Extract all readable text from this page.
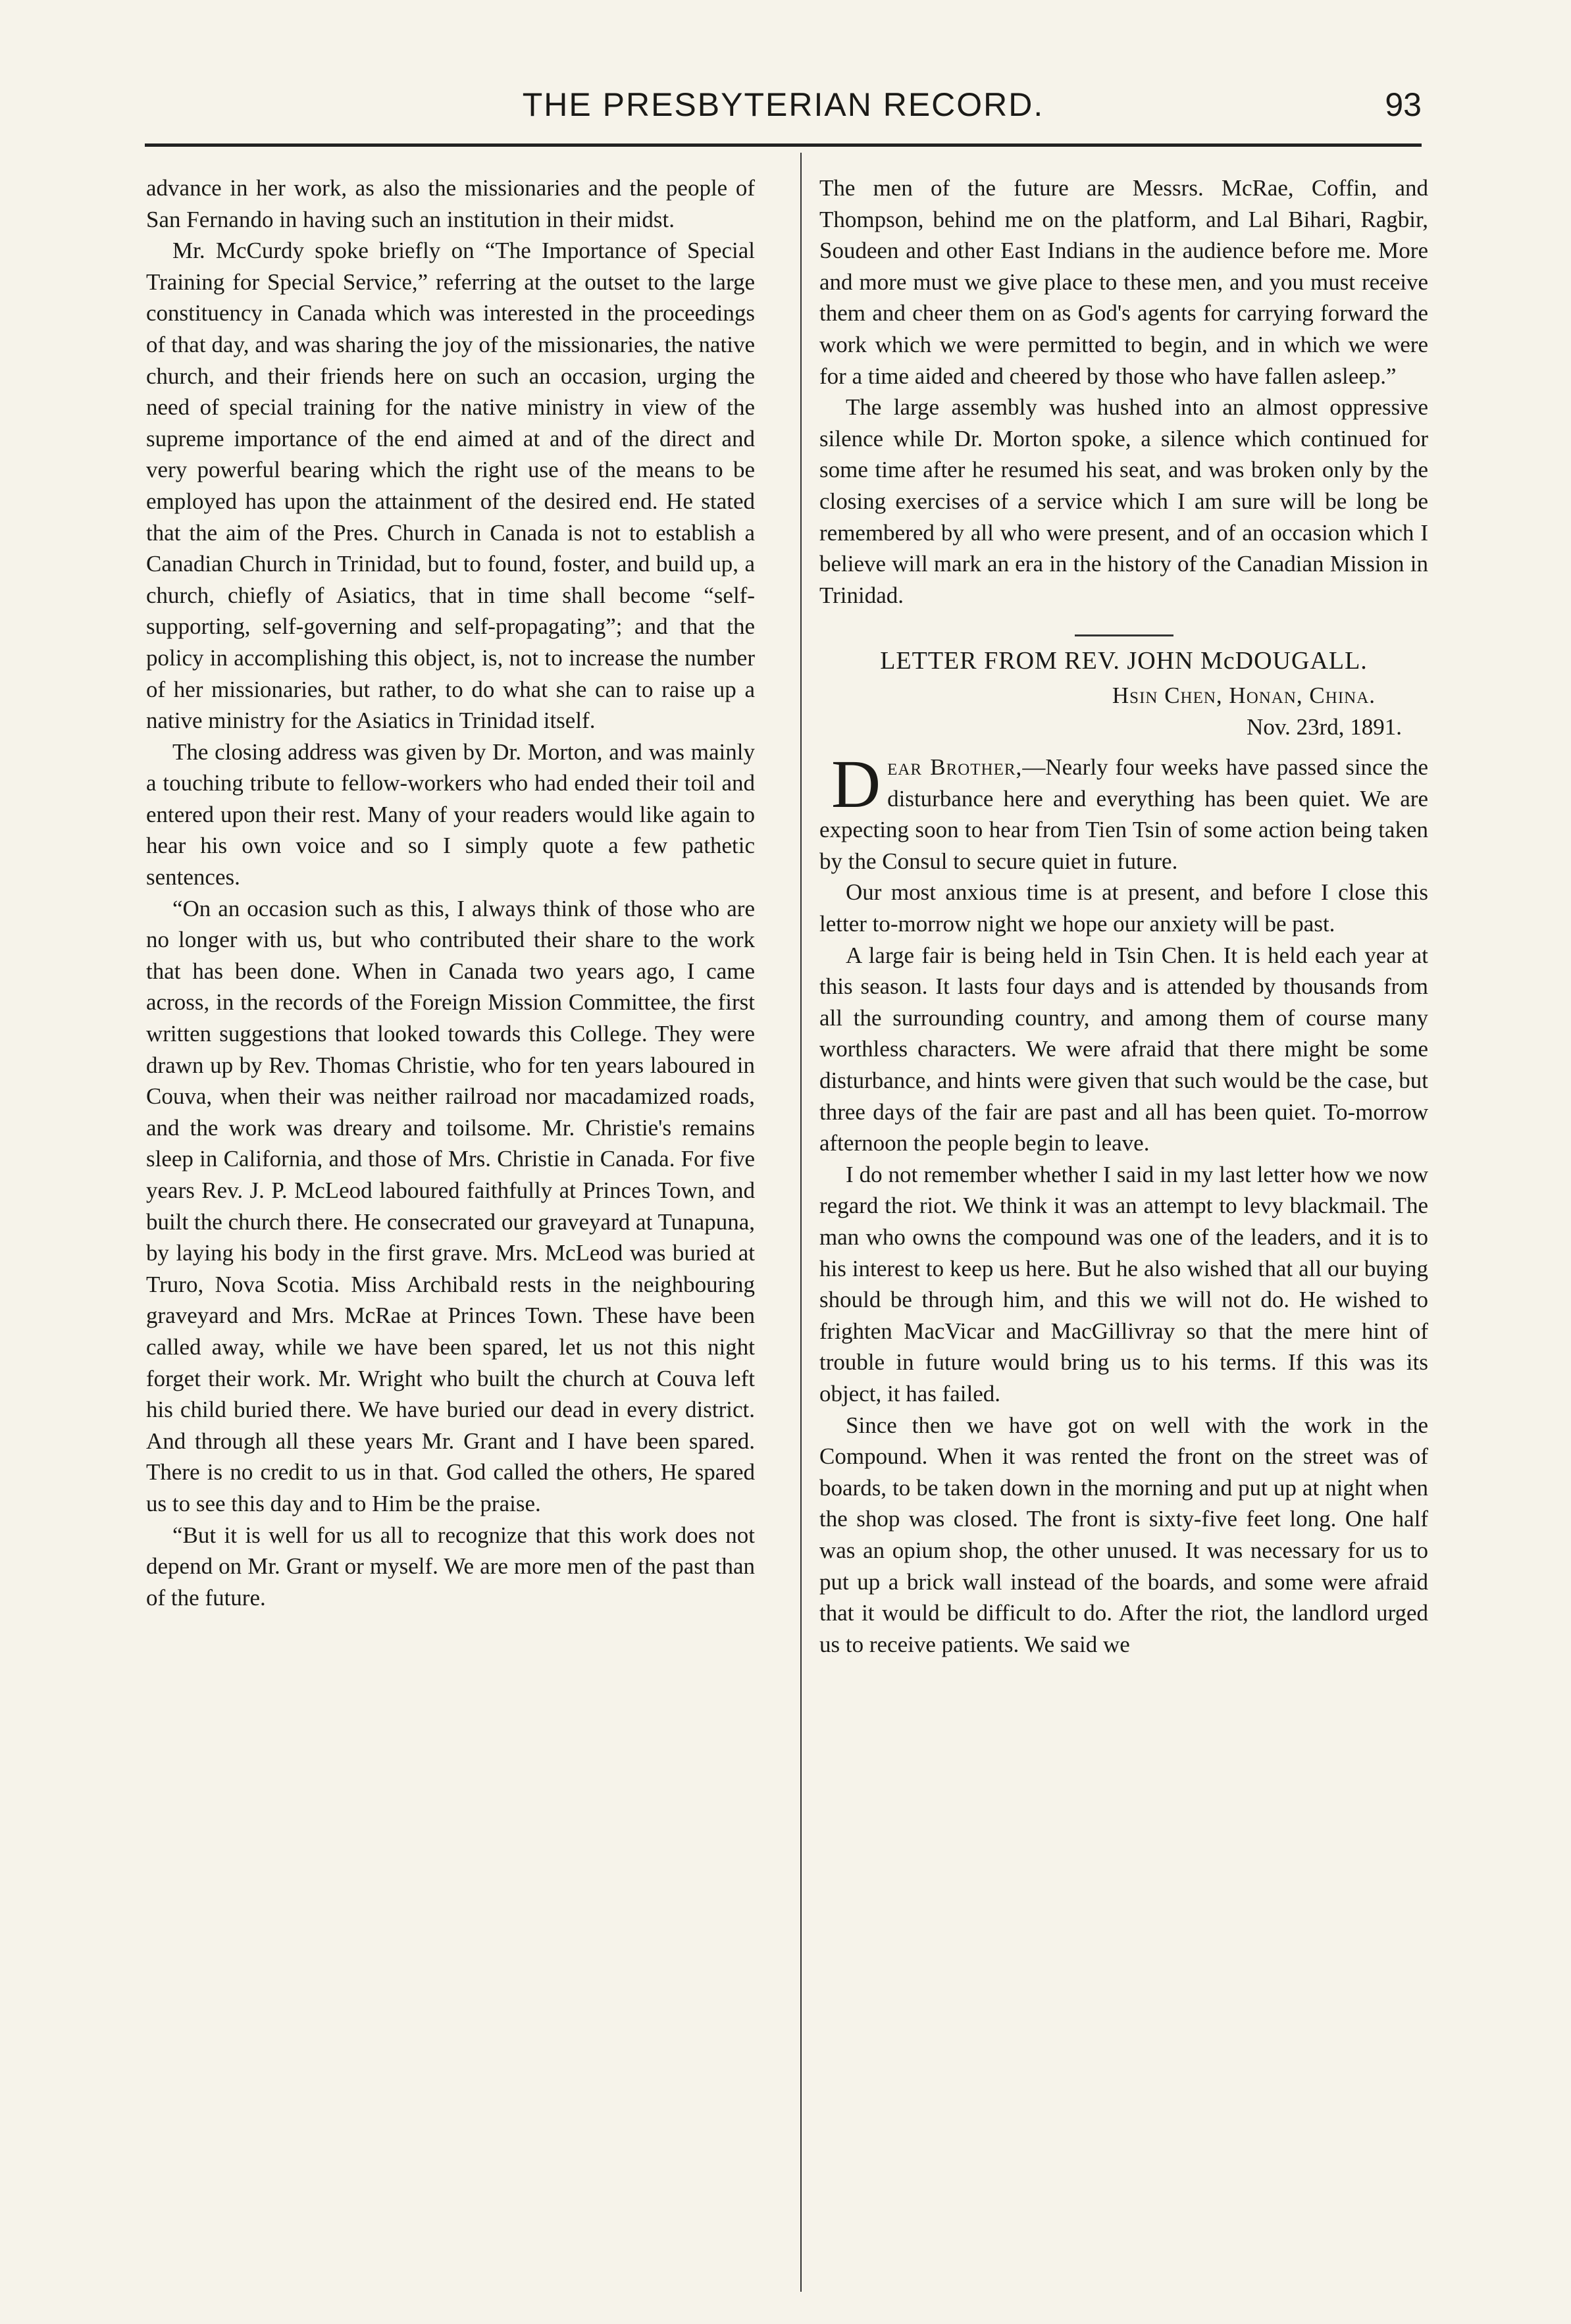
THE PRESBYTERIAN RECORD.	93

advance in her work, as also the missionaries and the people of San Fernando in having such an institution in their midst.

Mr. McCurdy spoke briefly on “The Importance of Special Training for Special Service,” referring at the outset to the large constituency in Canada which was interested in the proceedings of that day, and was sharing the joy of the missionaries, the native church, and their friends here on such an occasion, urging the need of special training for the native ministry in view of the supreme importance of the end aimed at and of the direct and very powerful bearing which the right use of the means to be employed has upon the attainment of the desired end. He stated that the aim of the Pres. Church in Canada is not to establish a Canadian Church in Trinidad, but to found, foster, and build up, a church, chiefly of Asiatics, that in time shall become “self-supporting, self-governing and self-propagating”; and that the policy in accomplishing this object, is, not to increase the number of her missionaries, but rather, to do what she can to raise up a native ministry for the Asiatics in Trinidad itself.

The closing address was given by Dr. Morton, and was mainly a touching tribute to fellow-workers who had ended their toil and entered upon their rest. Many of your readers would like again to hear his own voice and so I simply quote a few pathetic sentences.

“On an occasion such as this, I always think of those who are no longer with us, but who contributed their share to the work that has been done. When in Canada two years ago, I came across, in the records of the Foreign Mission Committee, the first written suggestions that looked towards this College. They were drawn up by Rev. Thomas Christie, who for ten years laboured in Couva, when their was neither railroad nor macadamized roads, and the work was dreary and toilsome. Mr. Christie's remains sleep in California, and those of Mrs. Christie in Canada. For five years Rev. J. P. McLeod laboured faithfully at Princes Town, and built the church there. He consecrated our graveyard at Tunapuna, by laying his body in the first grave. Mrs. McLeod was buried at Truro, Nova Scotia. Miss Archibald rests in the neighbouring graveyard and Mrs. McRae at Princes Town. These have been called away, while we have been spared, let us not this night forget their work. Mr. Wright who built the church at Couva left his child buried there. We have buried our dead in every district. And through all these years Mr. Grant and I have been spared. There is no credit to us in that. God called the others, He spared us to see this day and to Him be the praise.

“But it is well for us all to recognize that this work does not depend on Mr. Grant or myself. We are more men of the past than of the future.

The men of the future are Messrs. McRae, Coffin, and Thompson, behind me on the platform, and Lal Bihari, Ragbir, Soudeen and other East Indians in the audience before me. More and more must we give place to these men, and you must receive them and cheer them on as God's agents for carrying forward the work which we were permitted to begin, and in which we were for a time aided and cheered by those who have fallen asleep.”

The large assembly was hushed into an almost oppressive silence while Dr. Morton spoke, a silence which continued for some time after he resumed his seat, and was broken only by the closing exercises of a service which I am sure will be long be remembered by all who were present, and of an occasion which I believe will mark an era in the history of the Canadian Mission in Trinidad.

LETTER FROM REV. JOHN McDOUGALL.
Hsin Chen, Honan, China.
Nov. 23rd, 1891.

Dear Brother,—Nearly four weeks have passed since the disturbance here and everything has been quiet. We are expecting soon to hear from Tien Tsin of some action being taken by the Consul to secure quiet in future.

Our most anxious time is at present, and before I close this letter to-morrow night we hope our anxiety will be past.

A large fair is being held in Tsin Chen. It is held each year at this season. It lasts four days and is attended by thousands from all the surrounding country, and among them of course many worthless characters. We were afraid that there might be some disturbance, and hints were given that such would be the case, but three days of the fair are past and all has been quiet. To-morrow afternoon the people begin to leave.

I do not remember whether I said in my last letter how we now regard the riot. We think it was an attempt to levy blackmail. The man who owns the compound was one of the leaders, and it is to his interest to keep us here. But he also wished that all our buying should be through him, and this we will not do. He wished to frighten MacVicar and MacGillivray so that the mere hint of trouble in future would bring us to his terms. If this was its object, it has failed.

Since then we have got on well with the work in the Compound. When it was rented the front on the street was of boards, to be taken down in the morning and put up at night when the shop was closed. The front is sixty-five feet long. One half was an opium shop, the other unused. It was necessary for us to put up a brick wall instead of the boards, and some were afraid that it would be difficult to do. After the riot, the landlord urged us to receive patients. We said we
